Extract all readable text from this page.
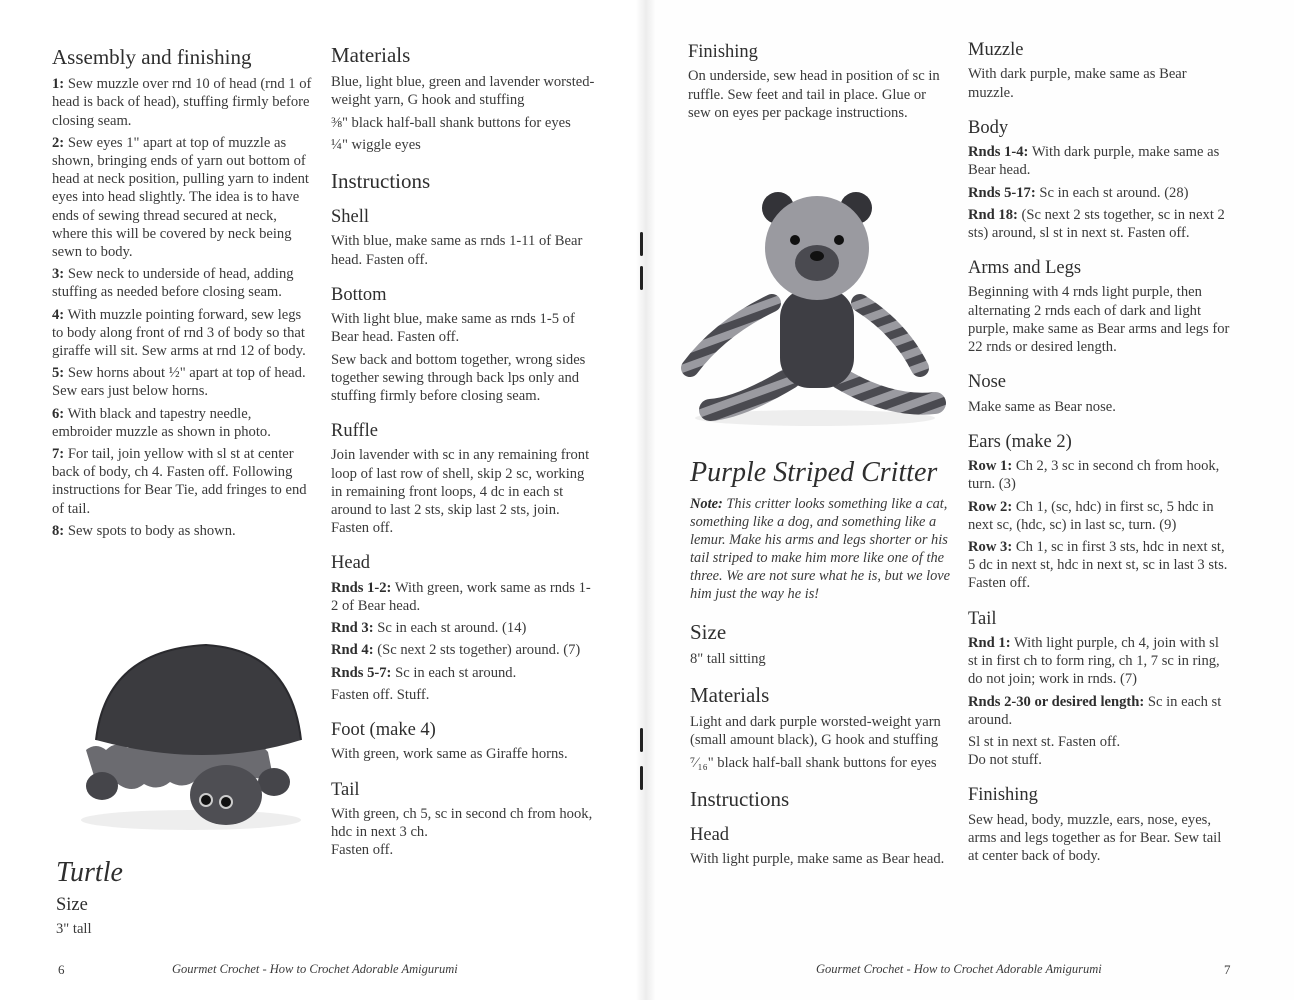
Assembly and finishing

1: Sew muzzle over rnd 10 of head (rnd 1 of head is back of head), stuffing firmly before closing seam.

2: Sew eyes 1" apart at top of muzzle as shown, bringing ends of yarn out bottom of head at neck position, pulling yarn to indent eyes into head slightly. The idea is to have ends of sewing thread secured at neck, where this will be covered by neck being sewn to body.

3: Sew neck to underside of head, adding stuffing as needed before closing seam.

4: With muzzle pointing forward, sew legs to body along front of rnd 3 of body so that giraffe will sit. Sew arms at rnd 12 of body.

5: Sew horns about ½" apart at top of head. Sew ears just below horns.

6: With black and tapestry needle, embroider muzzle as shown in photo.

7: For tail, join yellow with sl st at center back of body, ch 4. Fasten off. Following instructions for Bear Tie, add fringes to end of tail.

8: Sew spots to body as shown.

Turtle
Size

3" tall

Materials

Blue, light blue, green and lavender worsted-weight yarn, G hook and stuffing

⅜" black half-ball shank buttons for eyes

¼" wiggle eyes

Instructions
Shell

With blue, make same as rnds 1-11 of Bear head. Fasten off.

Bottom

With light blue, make same as rnds 1-5 of Bear head. Fasten off.

Sew back and bottom together, wrong sides together sewing through back lps only and stuffing firmly before closing seam.

Ruffle

Join lavender with sc in any remaining front loop of last row of shell, skip 2 sc, working in remaining front loops, 4 dc in each st around to last 2 sts, skip last 2 sts, join.

Fasten off.

Head

Rnds 1-2: With green, work same as rnds 1-2 of Bear head.

Rnd 3: Sc in each st around. (14)

Rnd 4: (Sc next 2 sts together) around. (7)

Rnds 5-7: Sc in each st around.

Fasten off. Stuff.

Foot (make 4)

With green, work same as Giraffe horns.

Tail

With green, ch 5, sc in second ch from hook, hdc in next 3 ch.

Fasten off.

6	Gourmet Crochet - How to Crochet Adorable Amigurumi
Finishing

On underside, sew head in position of sc in ruffle. Sew feet and tail in place. Glue or sew on eyes per package instructions.

Purple Striped Critter

Note: This critter looks something like a cat, something like a dog, and something like a lemur. Make his arms and legs shorter or his tail striped to make him more like one of the three. We are not sure what he is, but we love him just the way he is!

Size

8" tall sitting

Materials

Light and dark purple worsted-weight yarn (small amount black), G hook and stuffing

⁷⁄₁₆" black half-ball shank buttons for eyes

Instructions
Head

With light purple, make same as Bear head.

Muzzle

With dark purple, make same as Bear muzzle.

Body

Rnds 1-4: With dark purple, make same as Bear head.

Rnds 5-17: Sc in each st around. (28)

Rnd 18: (Sc next 2 sts together, sc in next 2 sts) around, sl st in next st. Fasten off.

Arms and Legs

Beginning with 4 rnds light purple, then alternating 2 rnds each of dark and light purple, make same as Bear arms and legs for 22 rnds or desired length.

Nose

Make same as Bear nose.

Ears (make 2)

Row 1: Ch 2, 3 sc in second ch from hook, turn. (3)

Row 2: Ch 1, (sc, hdc) in first sc, 5 hdc in next sc, (hdc, sc) in last sc, turn. (9)

Row 3: Ch 1, sc in first 3 sts, hdc in next st, 5 dc in next st, hdc in next st, sc in last 3 sts. Fasten off.

Tail

Rnd 1: With light purple, ch 4, join with sl st in first ch to form ring, ch 1, 7 sc in ring, do not join; work in rnds. (7)

Rnds 2-30 or desired length: Sc in each st around.

Sl st in next st. Fasten off.

Do not stuff.

Finishing

Sew head, body, muzzle, ears, nose, eyes, arms and legs together as for Bear. Sew tail at center back of body.

Gourmet Crochet - How to Crochet Adorable Amigurumi	7
